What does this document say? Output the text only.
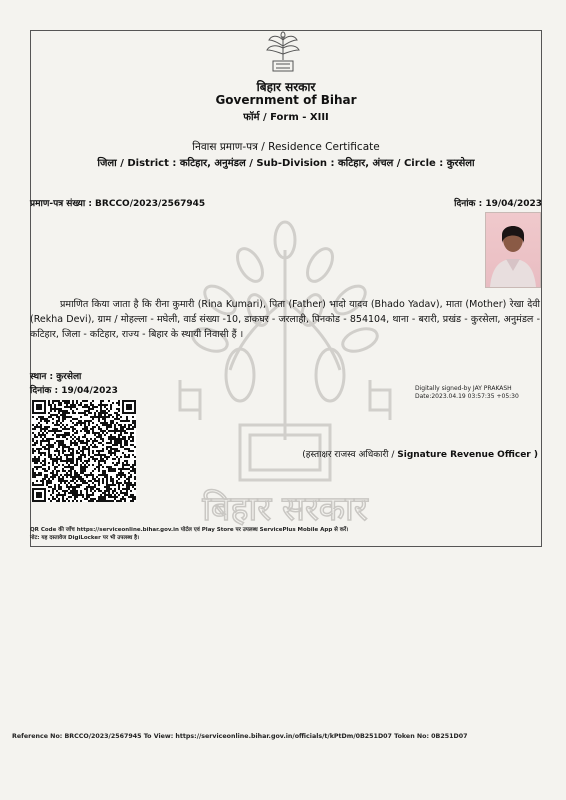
बिहार सरकार
Government of Bihar
फॉर्म / Form - XIII
निवास प्रमाण-पत्र / Residence Certificate
जिला / District : कटिहार, अनुमंडल / Sub-Division : कटिहार, अंचल / Circle : कुरसेला
प्रमाण-पत्र संख्या : BRCCO/2023/2567945	दिनांक : 19/04/2023
बिहार सरकार
प्रमाणित किया जाता है कि रीना कुमारी (Rina Kumari), पिता (Father) भादो यादव (Bhado Yadav), माता (Mother) रेखा देवी (Rekha Devi), ग्राम / मोहल्ला - मघेली, वार्ड संख्या -10, डाकघर - जरलाही, पिनकोड - 854104, थाना - बरारी, प्रखंड - कुरसेला, अनुमंडल - कटिहार, जिला - कटिहार, राज्य - बिहार के स्थायी निवासी हैं ।
स्थान : कुरसेला
दिनांक : 19/04/2023	Digitally signed-by JAY PRAKASH
Date:2023.04.19 03:57:35 +05:30
(हस्ताक्षर राजस्व अधिकारी / Signature Revenue Officer )
QR Code की जाँच https://serviceonline.bihar.gov.in पोर्टल एवं Play Store पर उपलब्ध ServicePlus Mobile App से करें।
नोट: यह दस्तावेज DigiLocker पर भी उपलब्ध है।
Reference No: BRCCO/2023/2567945 To View: https://serviceonline.bihar.gov.in/officials/t/kPtDm/0B251D07 Token No: 0B251D07
